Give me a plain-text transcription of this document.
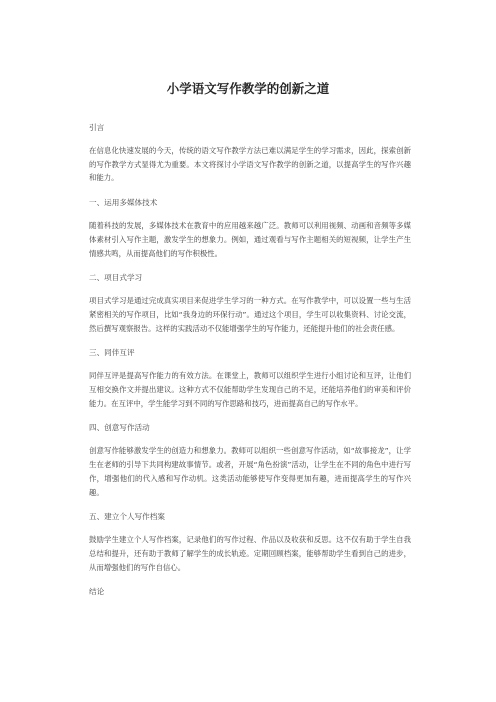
小学语文写作教学的创新之道

引言

在信息化快速发展的今天，传统的语文写作教学方法已难以满足学生的学习需求，因此，探索创新的写作教学方式显得尤为重要。本文将探讨小学语文写作教学的创新之道，以提高学生的写作兴趣和能力。

一、运用多媒体技术

随着科技的发展，多媒体技术在教育中的应用越来越广泛。教师可以利用视频、动画和音频等多媒体素材引入写作主题，激发学生的想象力。例如，通过观看与写作主题相关的短视频，让学生产生情感共鸣，从而提高他们的写作积极性。

二、项目式学习

项目式学习是通过完成真实项目来促进学生学习的一种方式。在写作教学中，可以设置一些与生活紧密相关的写作项目，比如“我身边的环保行动”。通过这个项目，学生可以收集资料、讨论交流，然后撰写观察报告。这样的实践活动不仅能增强学生的写作能力，还能提升他们的社会责任感。

三、同伴互评

同伴互评是提高写作能力的有效方法。在课堂上，教师可以组织学生进行小组讨论和互评，让他们互相交换作文并提出建议。这种方式不仅能帮助学生发现自己的不足，还能培养他们的审美和评价能力。在互评中，学生能学习到不同的写作思路和技巧，进而提高自己的写作水平。

四、创意写作活动

创意写作能够激发学生的创造力和想象力。教师可以组织一些创意写作活动，如“故事接龙”，让学生在老师的引导下共同构建故事情节。或者，开展“角色扮演”活动，让学生在不同的角色中进行写作，增强他们的代入感和写作动机。这类活动能够使写作变得更加有趣，进而提高学生的写作兴趣。

五、建立个人写作档案

鼓励学生建立个人写作档案，记录他们的写作过程、作品以及收获和反思。这不仅有助于学生自我总结和提升，还有助于教师了解学生的成长轨迹。定期回顾档案，能够帮助学生看到自己的进步，从而增强他们的写作自信心。

结论
